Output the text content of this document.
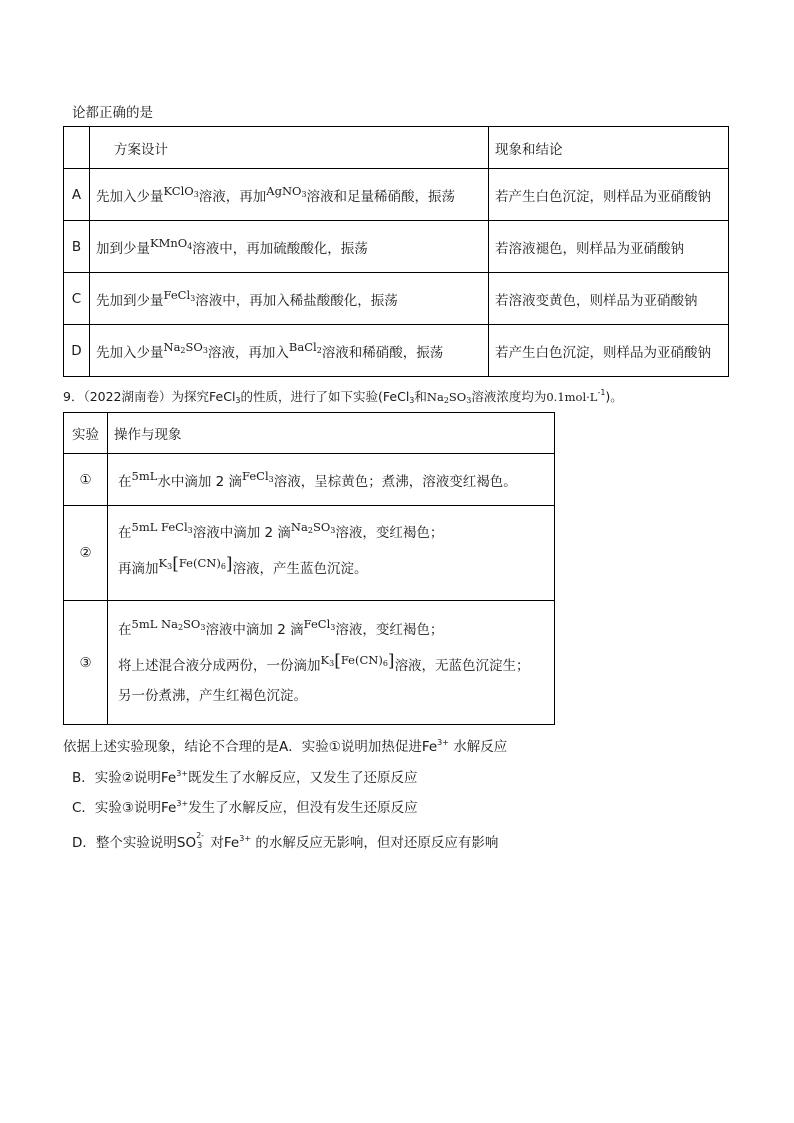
论都正确的是
	方案设计	现象和结论
A	先加入少量KClO3溶液，再加AgNO3溶液和足量稀硝酸，振荡	若产生白色沉淀，则样品为亚硝酸钠
B	加到少量KMnO4溶液中，再加硫酸酸化，振荡	若溶液褪色，则样品为亚硝酸钠
C	先加到少量FeCl3溶液中，再加入稀盐酸酸化，振荡	若溶液变黄色，则样品为亚硝酸钠
D	先加入少量Na2SO3溶液，再加入BaCl2溶液和稀硝酸，振荡	若产生白色沉淀，则样品为亚硝酸钠
9．（2022湖南卷）为探究FeCl3的性质，进行了如下实验(FeCl3和Na2SO3溶液浓度均为$0.1mol\cdot L^{-1}$)。
实验	操作与现象
①	在5mL水中滴加 2 滴FeCl3溶液，呈棕黄色；煮沸，溶液变红褐色。
②	在5mL FeCl3溶液中滴加 2 滴Na2SO3溶液，变红褐色；
再滴加K3[Fe(CN)6]溶液，产生蓝色沉淀。

③	在5mL Na2SO3溶液中滴加 2 滴FeCl3溶液，变红褐色；
将上述混合液分成两份，一份滴加K3[Fe(CN)6]溶液，无蓝色沉淀生；
另一份煮沸，产生红褐色沉淀。
依据上述实验现象，结论不合理的是A．实验①说明加热促进$Fe^{3+}$ 水解反应
B．实验②说明$Fe^{3+}$既发生了水解反应，又发生了还原反应
C．实验③说明$Fe^{3+}$发生了水解反应，但没有发生还原反应
D．整个实验说明SO 2-
3 对$Fe^{3+}$ 的水解反应无影响，但对还原反应有影响
